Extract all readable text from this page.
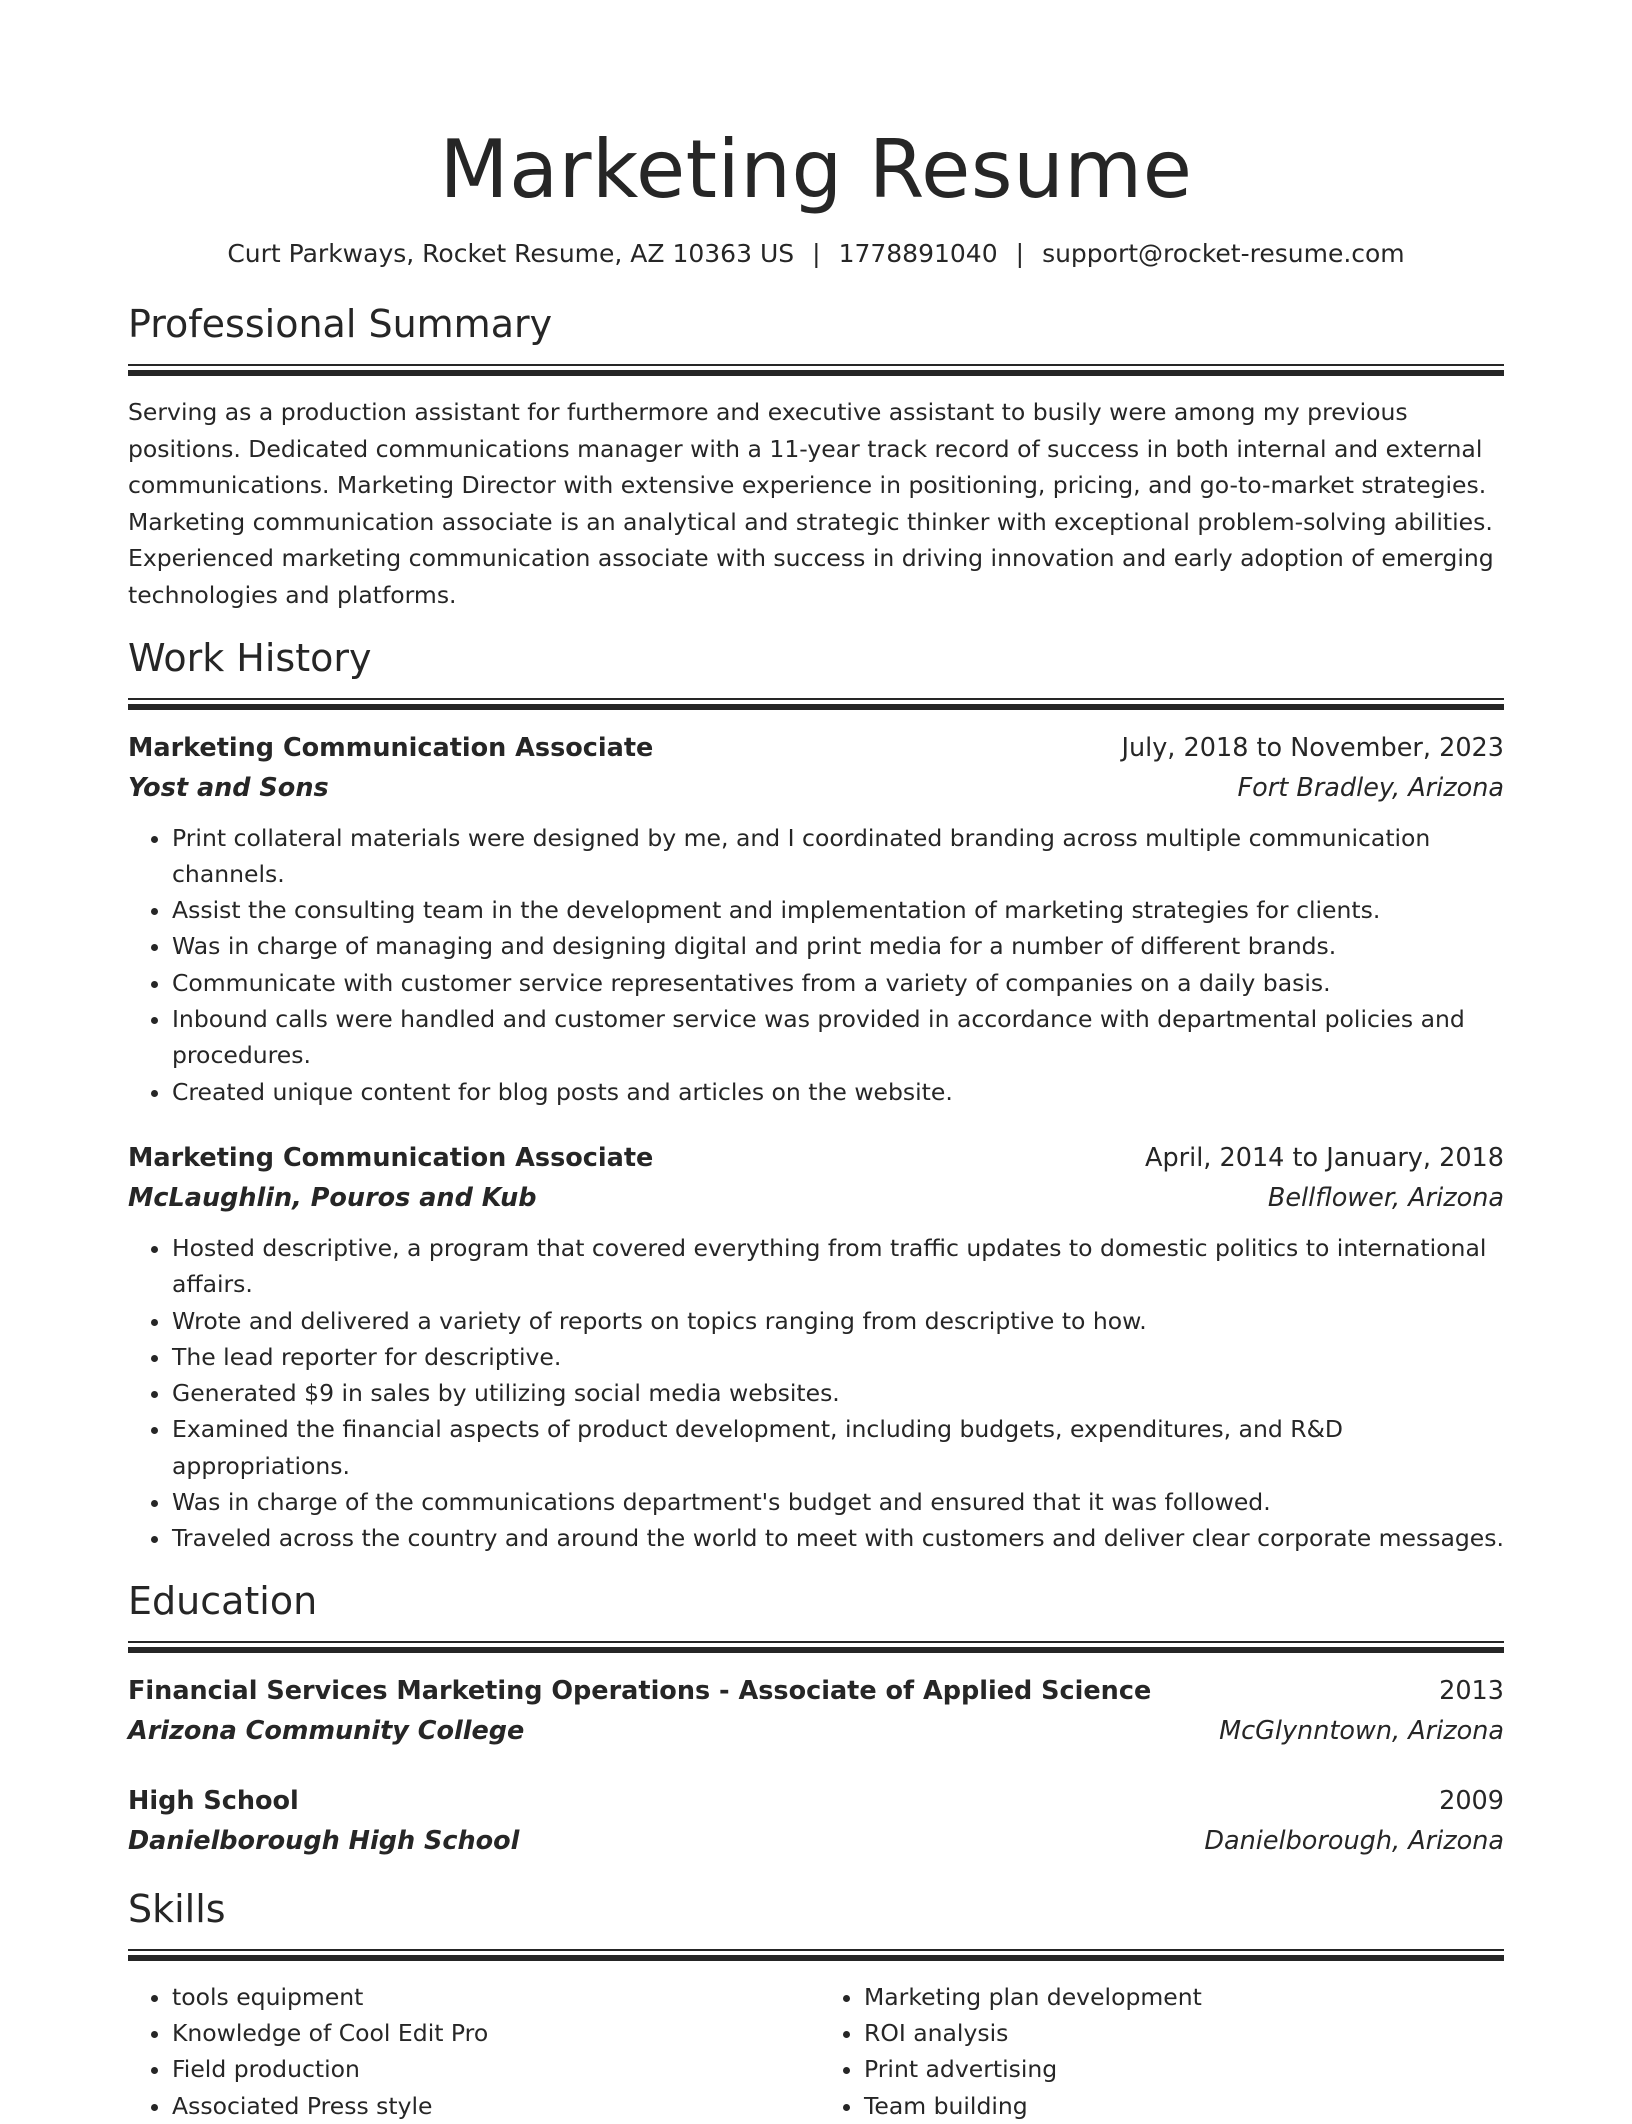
Marketing Resume
Curt Parkways, Rocket Resume, AZ 10363 US | 1778891040 | support@rocket-resume.com
Professional Summary

Serving as a production assistant for furthermore and executive assistant to busily were among my previous positions. Dedicated communications manager with a 11-year track record of success in both internal and external communications. Marketing Director with extensive experience in positioning, pricing, and go-to-market strategies. Marketing communication associate is an analytical and strategic thinker with exceptional problem-solving abilities. Experienced marketing communication associate with success in driving innovation and early adoption of emerging technologies and platforms.

Work History
Marketing Communication Associate	July, 2018 to November, 2023
Yost and Sons	Fort Bradley, Arizona
• Print collateral materials were designed by me, and I coordinated branding across multiple communication channels.
• Assist the consulting team in the development and implementation of marketing strategies for clients.
• Was in charge of managing and designing digital and print media for a number of different brands.
• Communicate with customer service representatives from a variety of companies on a daily basis.
• Inbound calls were handled and customer service was provided in accordance with departmental policies and procedures.
• Created unique content for blog posts and articles on the website.
Marketing Communication Associate	April, 2014 to January, 2018
McLaughlin, Pouros and Kub	Bellflower, Arizona
• Hosted descriptive, a program that covered everything from traffic updates to domestic politics to international affairs.
• Wrote and delivered a variety of reports on topics ranging from descriptive to how.
• The lead reporter for descriptive.
• Generated $9 in sales by utilizing social media websites.
• Examined the financial aspects of product development, including budgets, expenditures, and R&D appropriations.
• Was in charge of the communications department's budget and ensured that it was followed.
• Traveled across the country and around the world to meet with customers and deliver clear corporate messages.
Education
Financial Services Marketing Operations - Associate of Applied Science	2013
Arizona Community College	McGlynntown, Arizona
High School	2009
Danielborough High School	Danielborough, Arizona
Skills
• tools equipment
• Knowledge of Cool Edit Pro
• Field production
• Associated Press style
• Marketing plan development
• ROI analysis
• Print advertising
• Team building
